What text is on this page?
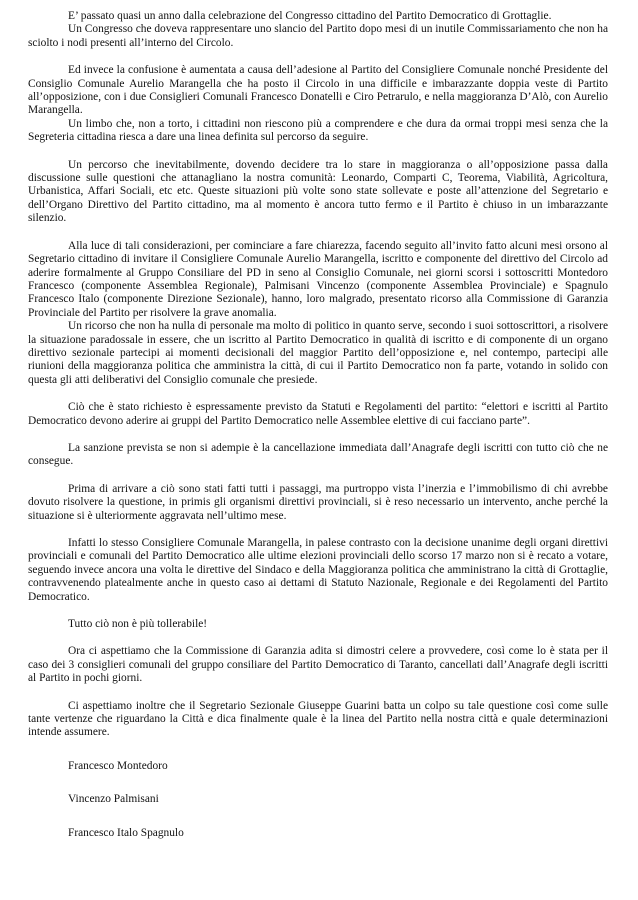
E’ passato quasi un anno dalla celebrazione del Congresso cittadino del Partito Democratico di Grottaglie.

Un Congresso che doveva rappresentare uno slancio del Partito dopo mesi di un inutile Commissariamento che non ha sciolto i nodi presenti all’interno del Circolo.

Ed invece la confusione è aumentata a causa dell’adesione al Partito del Consigliere Comunale nonché Presidente del Consiglio Comunale Aurelio Marangella che ha posto il Circolo in una difficile e imbarazzante doppia veste di Partito all’opposizione, con i due Consiglieri Comunali Francesco Donatelli e Ciro Petrarulo, e nella maggioranza D’Alò, con Aurelio Marangella.

Un limbo che, non a torto, i cittadini non riescono più a comprendere e che dura da ormai troppi mesi senza che la Segreteria cittadina riesca a dare una linea definita sul percorso da seguire.

Un percorso che inevitabilmente, dovendo decidere tra lo stare in maggioranza o all’opposizione passa dalla discussione sulle questioni che attanagliano la nostra comunità: Leonardo, Comparti C, Teorema, Viabilità, Agricoltura, Urbanistica, Affari Sociali, etc etc. Queste situazioni più volte sono state sollevate e poste all’attenzione del Segretario e dell’Organo Direttivo del Partito cittadino, ma al momento è ancora tutto fermo e il Partito è chiuso in un imbarazzante silenzio.

Alla luce di tali considerazioni, per cominciare a fare chiarezza, facendo seguito all’invito fatto alcuni mesi orsono al Segretario cittadino di invitare il Consigliere Comunale Aurelio Marangella, iscritto e componente del direttivo del Circolo ad aderire formalmente al Gruppo Consiliare del PD in seno al Consiglio Comunale, nei giorni scorsi i sottoscritti Montedoro Francesco (componente Assemblea Regionale), Palmisani Vincenzo (componente Assemblea Provinciale) e Spagnulo Francesco Italo (componente Direzione Sezionale), hanno, loro malgrado, presentato ricorso alla Commissione di Garanzia Provinciale del Partito per risolvere la grave anomalia.

Un ricorso che non ha nulla di personale ma molto di politico in quanto serve, secondo i suoi sottoscrittori, a risolvere la situazione paradossale in essere, che un iscritto al Partito Democratico in qualità di iscritto e di componente di un organo direttivo sezionale partecipi ai momenti decisionali del maggior Partito dell’opposizione e, nel contempo, partecipi alle riunioni della maggioranza politica che amministra la città, di cui il Partito Democratico non fa parte, votando in solido con questa gli atti deliberativi del Consiglio comunale che presiede.

Ciò che è stato richiesto è espressamente previsto da Statuti e Regolamenti del partito: “elettori e iscritti al Partito Democratico devono aderire ai gruppi del Partito Democratico nelle Assemblee elettive di cui facciano parte”.

La sanzione prevista se non si adempie è la cancellazione immediata dall’Anagrafe degli iscritti con tutto ciò che ne consegue.

Prima di arrivare a ciò sono stati fatti tutti i passaggi, ma purtroppo vista l’inerzia e l’immobilismo di chi avrebbe dovuto risolvere la questione, in primis gli organismi direttivi provinciali, si è reso necessario un intervento, anche perché la situazione si è ulteriormente aggravata nell’ultimo mese.

Infatti lo stesso Consigliere Comunale Marangella, in palese contrasto con la decisione unanime degli organi direttivi provinciali e comunali del Partito Democratico alle ultime elezioni provinciali dello scorso 17 marzo non si è recato a votare, seguendo invece ancora una volta le direttive del Sindaco e della Maggioranza politica che amministrano la città di Grottaglie, contravvenendo platealmente anche in questo caso ai dettami di Statuto Nazionale, Regionale e dei Regolamenti del Partito Democratico.

Tutto ciò non è più tollerabile!

Ora ci aspettiamo che la Commissione di Garanzia adita si dimostri celere a provvedere, così come lo è stata per il caso dei 3 consiglieri comunali del gruppo consiliare del Partito Democratico di Taranto, cancellati dall’Anagrafe degli iscritti al Partito in pochi giorni.

Ci aspettiamo inoltre che il Segretario Sezionale Giuseppe Guarini batta un colpo su tale questione così come sulle tante vertenze che riguardano la Città e dica finalmente quale è la linea del Partito nella nostra città e quale determinazioni intende assumere.

Francesco Montedoro

Vincenzo Palmisani

Francesco Italo Spagnulo
